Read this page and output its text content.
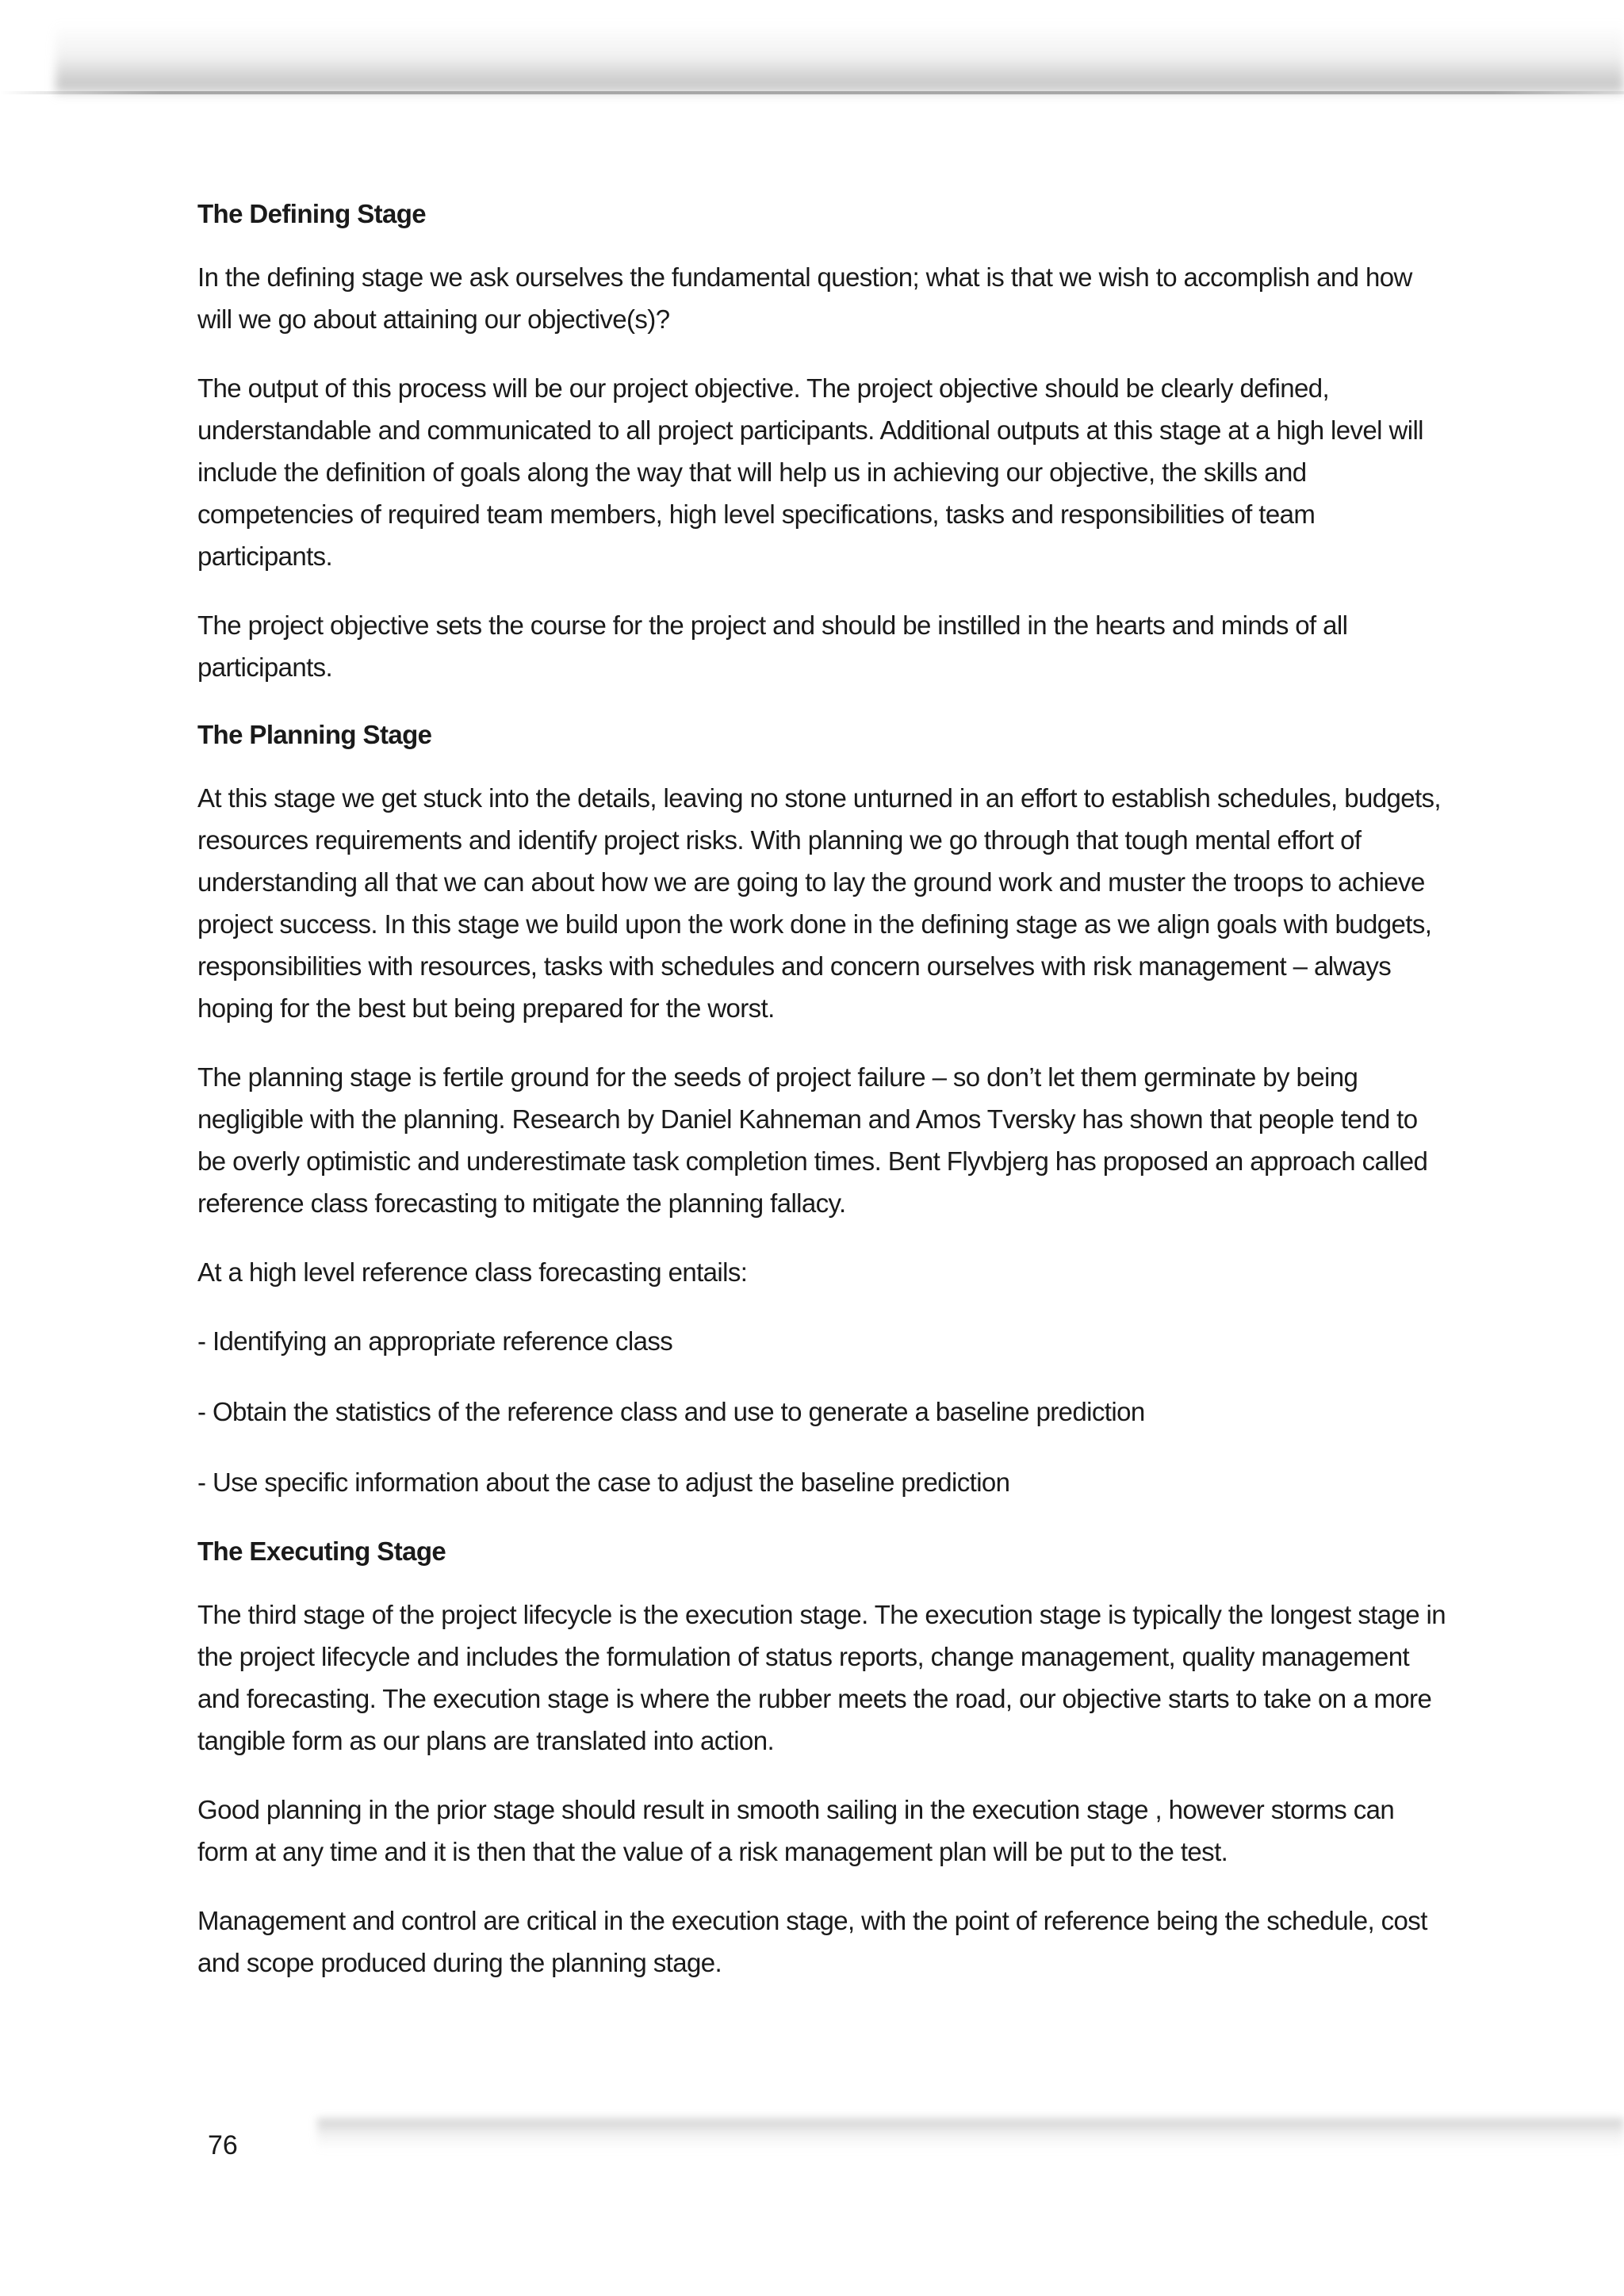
The Defining Stage

In the defining stage we ask ourselves the fundamental question; what is that we wish to accomplish and how will we go about attaining our objective(s)?

The output of this process will be our project objective. The project objective should be clearly defined, understandable and communicated to all project participants. Additional outputs at this stage at a high level will include the definition of goals along the way that will help us in achieving our objective, the skills and competencies of required team members, high level specifications, tasks and responsibilities of team participants.

The project objective sets the course for the project and should be instilled in the hearts and minds of all participants.

The Planning Stage

At this stage we get stuck into the details, leaving no stone unturned in an effort to establish schedules, budgets, resources requirements and identify project risks. With planning we go through that tough mental effort of understanding all that we can about how we are going to lay the ground work and muster the troops to achieve project success. In this stage we build upon the work done in the defining stage as we align goals with budgets, responsibilities with resources, tasks with schedules and concern ourselves with risk management – always hoping for the best but being prepared for the worst.

The planning stage is fertile ground for the seeds of project failure – so don’t let them germinate by being negligible with the planning. Research by Daniel Kahneman and Amos Tversky has shown that people tend to be overly optimistic and underestimate task completion times. Bent Flyvbjerg has proposed an approach called reference class forecasting to mitigate the planning fallacy.

At a high level reference class forecasting entails:

- Identifying an appropriate reference class

- Obtain the statistics of the reference class and use to generate a baseline prediction

- Use specific information about the case to adjust the baseline prediction

The Executing Stage

The third stage of the project lifecycle is the execution stage. The execution stage is typically the longest stage in the project lifecycle and includes the formulation of status reports, change management, quality management and forecasting. The execution stage is where the rubber meets the road, our objective starts to take on a more tangible form as our plans are translated into action.

Good planning in the prior stage should result in smooth sailing in the execution stage , however storms can form at any time and it is then that the value of a risk management plan will be put to the test.

Management and control are critical in the execution stage, with the point of reference being the schedule, cost and scope produced during the planning stage.

76
